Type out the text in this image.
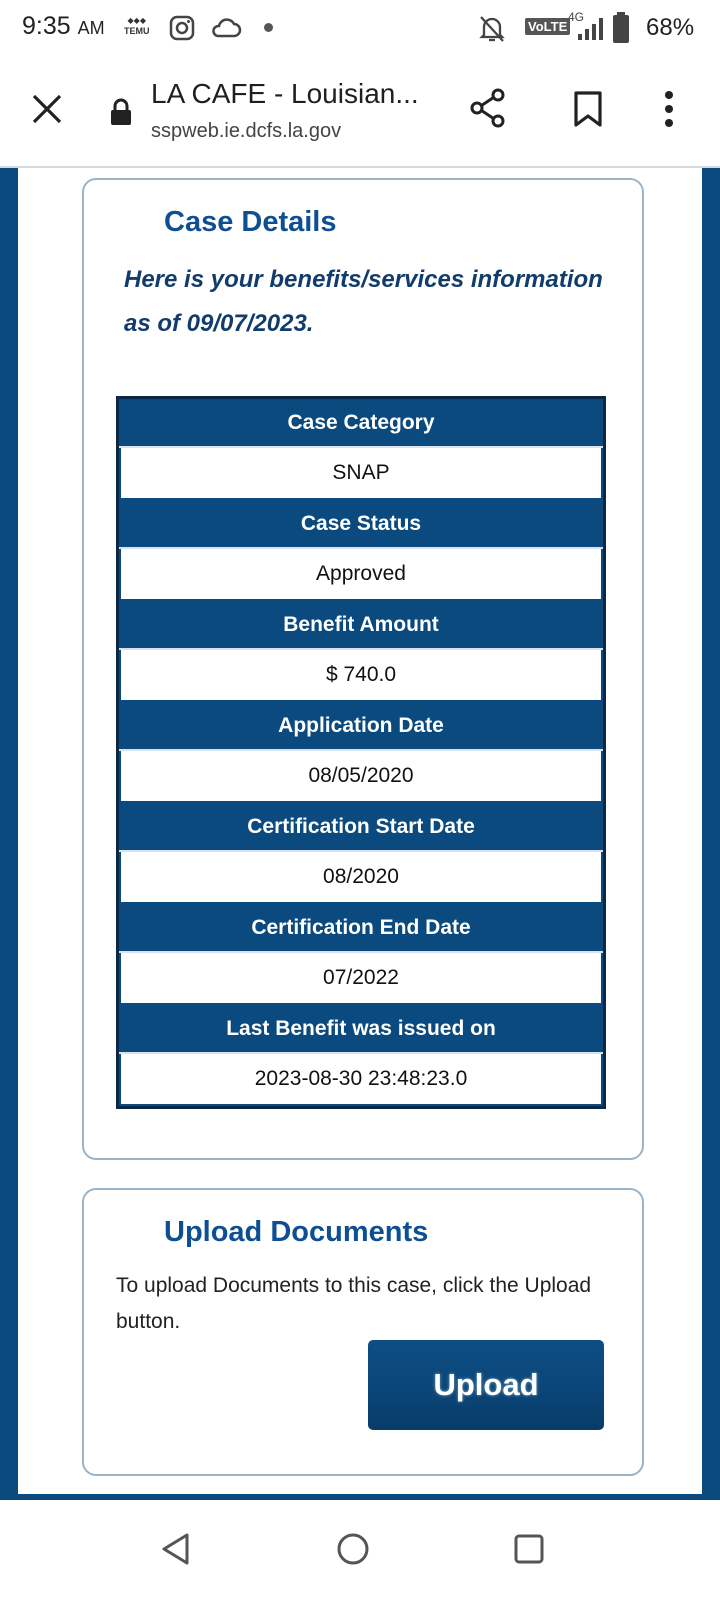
9:35 AM	◆◆◆
TEMU	VoLTE
4G	68%
LA CAFE - Louisian...
sspweb.ie.dcfs.la.gov
Case Details
Here is your benefits/services information as of 09/07/2023.
Case Category
SNAP
Case Status
Approved
Benefit Amount
$ 740.0
Application Date
08/05/2020
Certification Start Date
08/2020
Certification End Date
07/2022
Last Benefit was issued on
2023-08-30 23:48:23.0
Upload Documents
To upload Documents to this case, click the Upload button.
Upload
